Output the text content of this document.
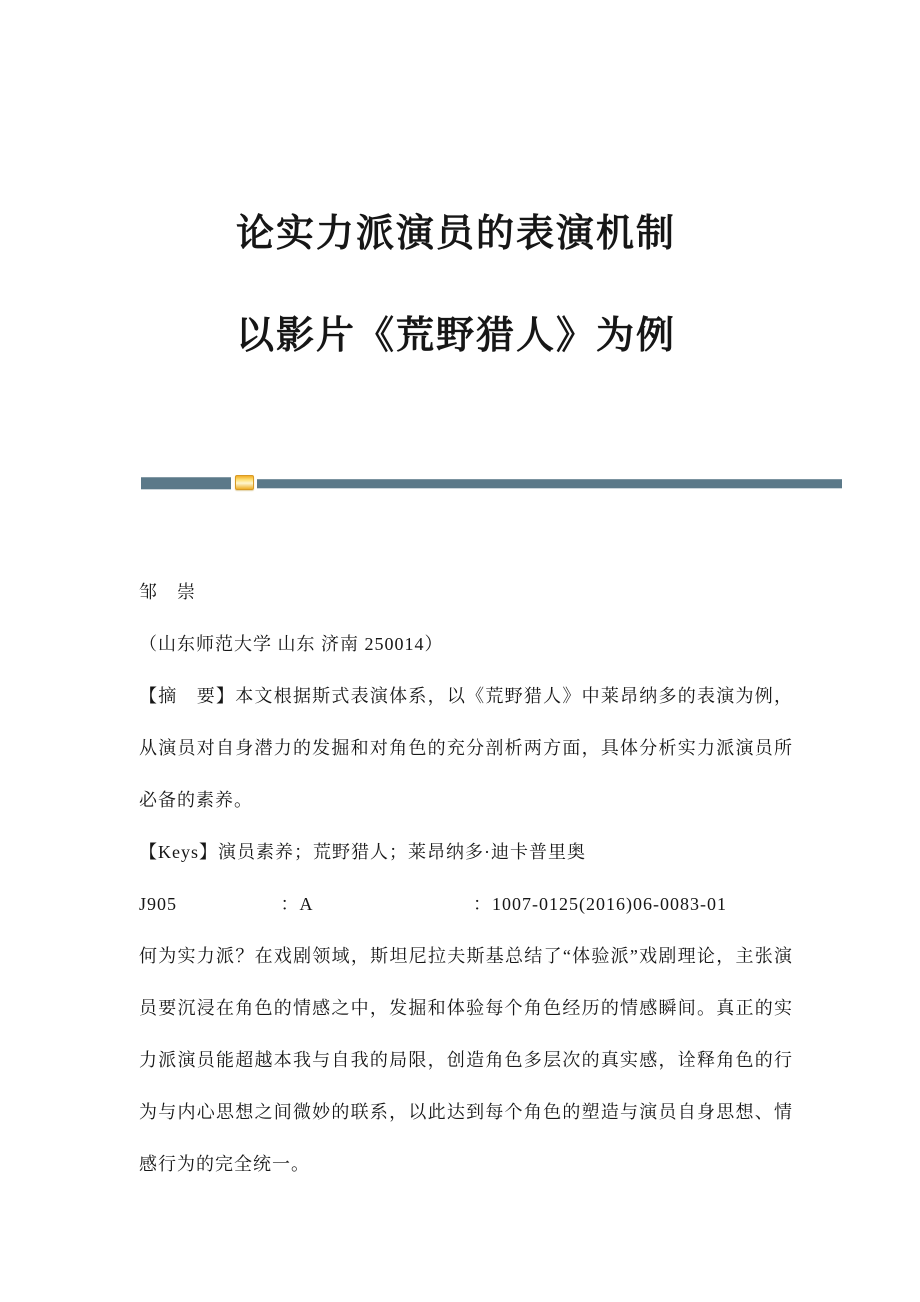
论实力派演员的表演机制
以影片《荒野猎人》为例

邹　崇

（山东师范大学 山东 济南 250014）

【摘　要】本文根据斯式表演体系，以《荒野猎人》中莱昂纳多的表演为例，从演员对自身潜力的发掘和对角色的充分剖析两方面，具体分析实力派演员所必备的素养。

【Keys】演员素养；荒野猎人；莱昂纳多·迪卡普里奥

J905	：A	：1007-0125(2016)06-0083-01

何为实力派？在戏剧领域，斯坦尼拉夫斯基总结了“体验派”戏剧理论，主张演员要沉浸在角色的情感之中，发掘和体验每个角色经历的情感瞬间。真正的实力派演员能超越本我与自我的局限，创造角色多层次的真实感，诠释角色的行为与内心思想之间微妙的联系，以此达到每个角色的塑造与演员自身思想、情感行为的完全统一。
